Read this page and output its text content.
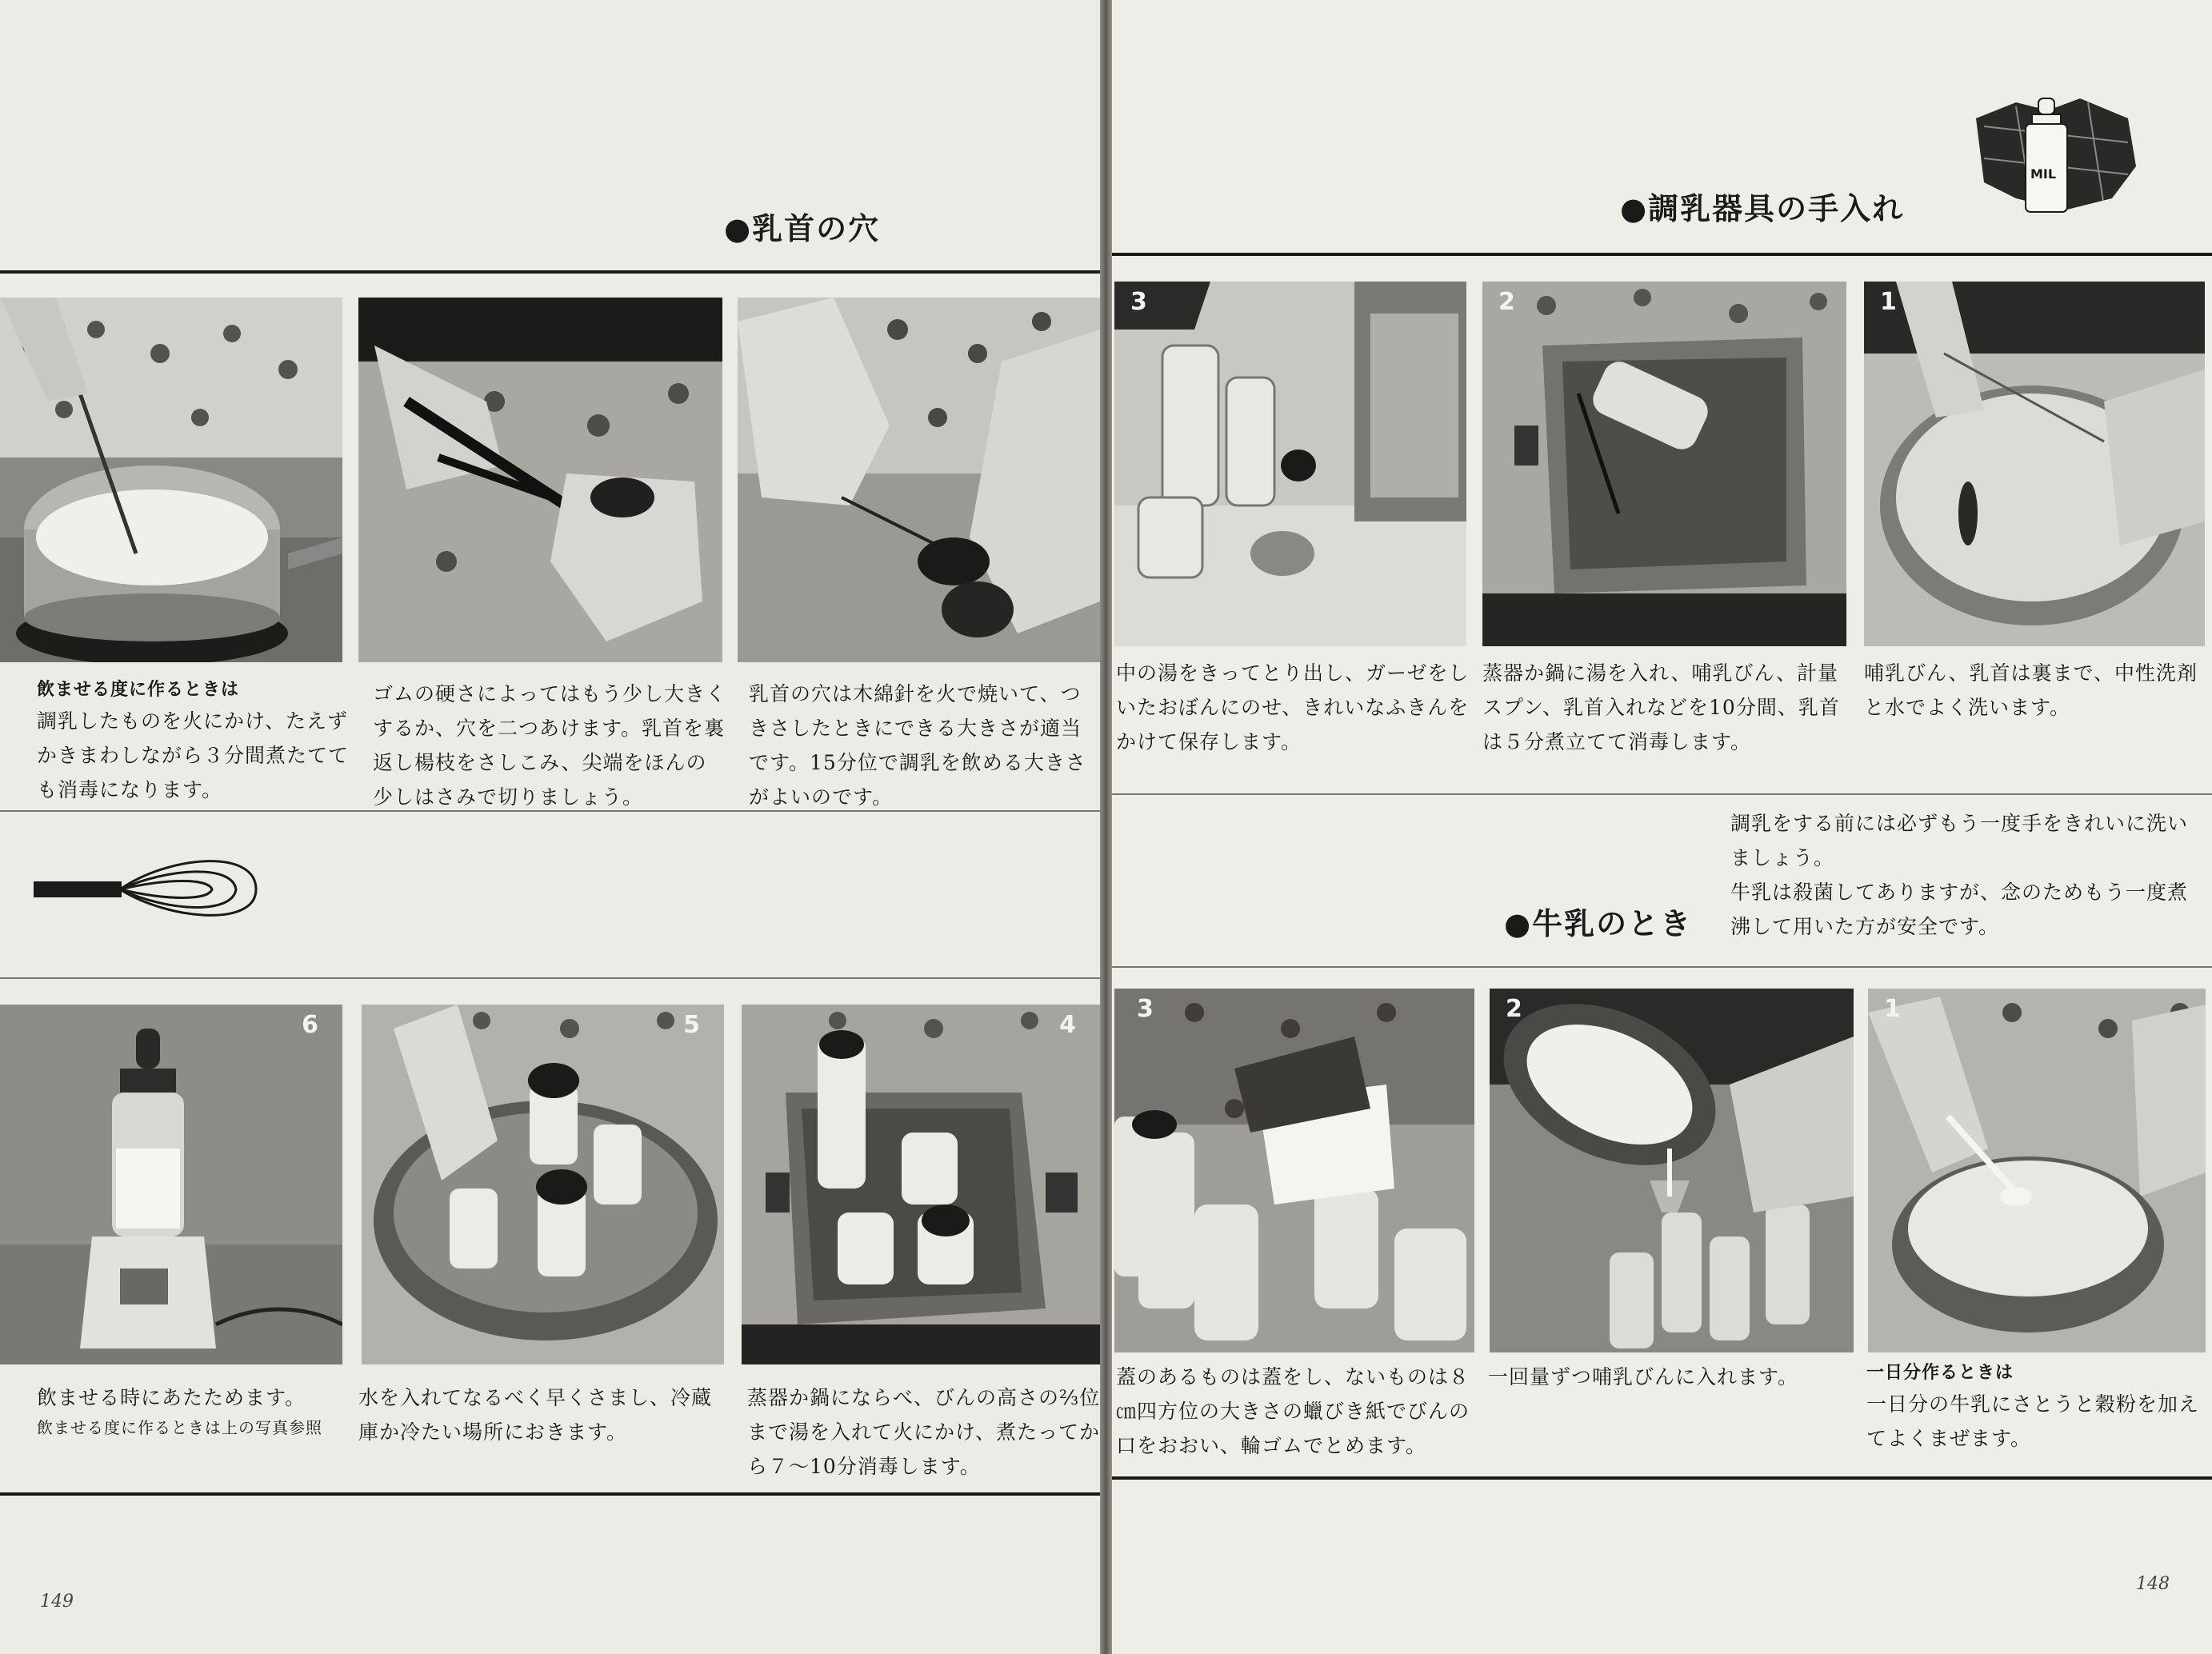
●乳首の穴
飲ませる度に作るときは
調乳したものを火にかけ、たえずかきまわしながら３分間煮たてても消毒になります。
ゴムの硬さによってはもう少し大きくするか、穴を二つあけます。乳首を裏返し楊枝をさしこみ、尖端をほんの少しはさみで切りましょう。
乳首の穴は木綿針を火で焼いて、つきさしたときにできる大きさが適当です。15分位で調乳を飲める大きさがよいのです。
6	5	4
飲ませる時にあたためます。
飲ませる度に作るときは上の写真参照
水を入れてなるべく早くさまし、冷蔵庫か冷たい場所におきます。
蒸器か鍋にならべ、びんの高さの⅔位まで湯を入れて火にかけ、煮たってから７〜10分消毒します。
149
●調乳器具の手入れ
MIL
3	2	1
中の湯をきってとり出し、ガーゼをしいたおぼんにのせ、きれいなふきんをかけて保存します。
蒸器か鍋に湯を入れ、哺乳びん、計量スプン、乳首入れなどを10分間、乳首は５分煮立てて消毒します。
哺乳びん、乳首は裏まで、中性洗剤と水でよく洗います。
調乳をする前には必ずもう一度手をきれいに洗いましょう。
牛乳は殺菌してありますが、念のためもう一度煮沸して用いた方が安全です。
●牛乳のとき
3	2	1
蓋のあるものは蓋をし、ないものは８㎝四方位の大きさの蠟びき紙でびんの口をおおい、輪ゴムでとめます。
一回量ずつ哺乳びんに入れます。	一日分作るときは
一日分の牛乳にさとうと穀粉を加えてよくまぜます。
148
